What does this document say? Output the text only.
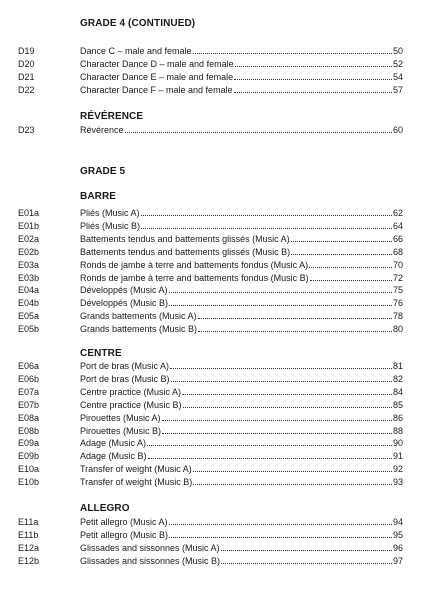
GRADE 4 (CONTINUED)
D19	Dance C – male and female	50
D20	Character Dance D – male and female	52
D21	Character Dance E – male and female	54
D22	Character Dance F – male and female	57
RÉVÉRENCE
D23	Révérence	60
GRADE 5
BARRE
E01a	Pliés (Music A)	62
E01b	Pliés (Music B)	64
E02a	Battements tendus and battements glissés (Music A)	66
E02b	Battements tendus and battements glissés (Music B)	68
E03a	Ronds de jambe à terre and battements fondus (Music A)	70
E03b	Ronds de jambe à terre and battements fondus (Music B)	72
E04a	Développés (Music A)	75
E04b	Développés (Music B)	76
E05a	Grands battements (Music A)	78
E05b	Grands battements (Music B)	80
CENTRE
E06a	Port de bras (Music A)	81
E06b	Port de bras (Music B)	82
E07a	Centre practice (Music A)	84
E07b	Centre practice (Music B)	85
E08a	Pirouettes (Music A)	86
E08b	Pirouettes (Music B)	88
E09a	Adage (Music A)	90
E09b	Adage (Music B)	91
E10a	Transfer of weight (Music A)	92
E10b	Transfer of weight (Music B)	93
ALLEGRO
E11a	Petit allegro (Music A)	94
E11b	Petit allegro (Music B)	95
E12a	Glissades and sissonnes (Music A)	96
E12b	Glissades and sissonnes (Music B)	97
